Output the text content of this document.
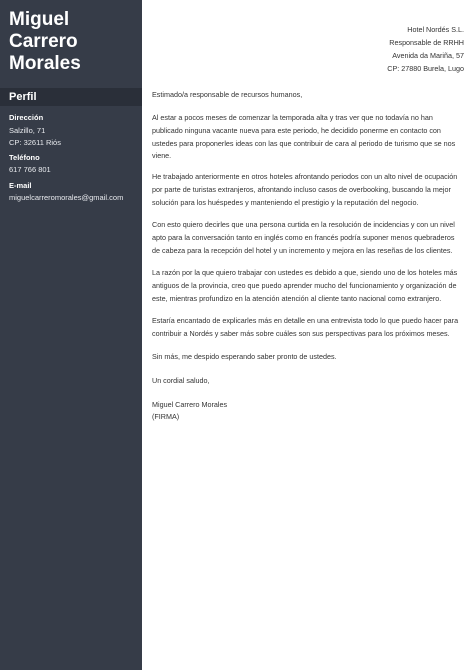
Miguel
Carrero
Morales
Perfil
Dirección
Salzillo, 71
CP: 32611 Riós
Teléfono
617 766 801
E-mail
miguelcarreromorales@gmail.com
Hotel Nordés S.L.
Responsable de RRHH
Avenida da Mariña, 57
CP: 27880 Burela, Lugo

Estimado/a responsable de recursos humanos,

Al estar a pocos meses de comenzar la temporada alta y tras ver que no todavía no han publicado ninguna vacante nueva para este periodo, he decidido ponerme en contacto con ustedes para proponerles ideas con las que contribuir de cara al periodo de turismo que se nos viene.

He trabajado anteriormente en otros hoteles afrontando periodos con un alto nivel de ocupación por parte de turistas extranjeros, afrontando incluso casos de overbooking, buscando la mejor solución para los huéspedes y manteniendo el prestigio y la reputación del negocio.

Con esto quiero decirles que una persona curtida en la resolución de incidencias y con un nivel apto para la conversación tanto en inglés como en francés podría suponer menos quebraderos de cabeza para la recepción del hotel y un incremento y mejora en las reseñas de los clientes.

La razón por la que quiero trabajar con ustedes es debido a que, siendo uno de los hoteles más antiguos de la provincia, creo que puedo aprender mucho del funcionamiento y organización de este, mientras profundizo en la atención atención al cliente tanto nacional como extranjero.

Estaría encantado de explicarles más en detalle en una entrevista todo lo que puedo hacer para contribuir a Nordés y saber más sobre cuáles son sus perspectivas para los próximos meses.

Sin más, me despido esperando saber pronto de ustedes.

Un cordial saludo,

Miguel Carrero Morales

(FIRMA)
